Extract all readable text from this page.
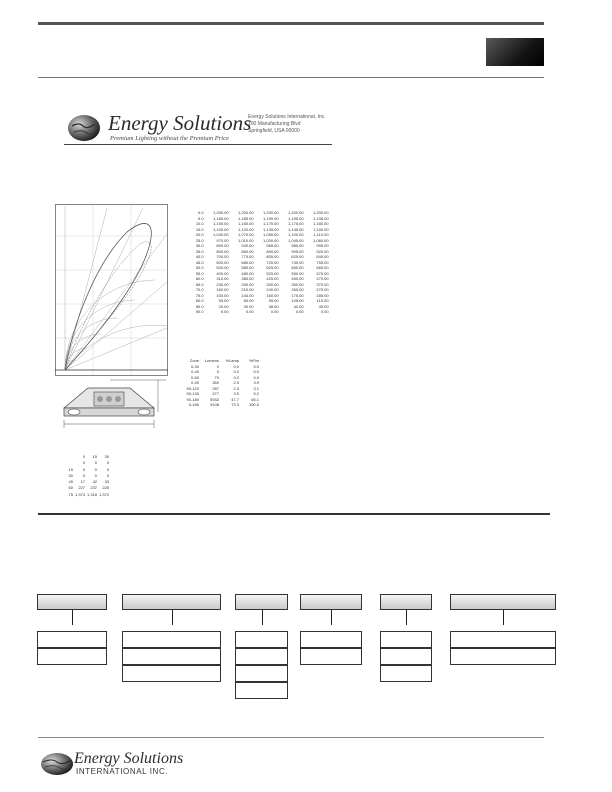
Energy Solutions
Premium Lighting without the Premium Price
Energy Solutions International, Inc.
100 Manufacturing Blvd
Springfield, USA 00000
0.0	1,200.00	1,200.00	1,200.00	1,200.00	1,200.00
5.0	1,180.00	1,185.00	1,190.00	1,195.00	1,198.00
10.0	1,150.00	1,160.00	1,170.00	1,175.00	1,180.00
15.0	1,100.00	1,120.00	1,135.00	1,145.00	1,150.00
20.0	1,040.00	1,070.00	1,090.00	1,100.00	1,110.00
25.0	970.00	1,010.00	1,030.00	1,045.00	1,060.00
30.0	890.00	940.00	965.00	980.00	995.00
35.0	800.00	860.00	890.00	905.00	920.00
40.0	700.00	770.00	805.00	825.00	840.00
45.0	600.00	680.00	720.00	740.00	755.00
50.0	500.00	580.00	625.00	650.00	665.00
55.0	400.00	480.00	525.00	550.00	570.00
60.0	310.00	380.00	425.00	450.00	470.00
65.0	230.00	290.00	330.00	350.00	370.00
70.0	160.00	210.00	240.00	260.00	275.00
75.0	100.00	140.00	160.00	175.00	185.00
80.0	55.00	80.00	95.00	105.00	110.00
85.0	20.00	30.00	38.00	42.00	45.00
90.0	0.00	0.00	0.00	0.00	0.00
Zone	Lumens	%Lamp	%Fixt
0-30	0	0.0	0.0
0-40	0	0.0	0.0
0-60	70	0.0	0.0
0-90	350	2.9	3.9
90-120	287	2.3	3.1
90-130	477	3.9	5.2
90-180	5932	47.7	65.1
0-180	9108	73.3	100.0
	0	15	30
	0	0	0
15	0	0	0
30	0	0	0
45	17	42	33
60	227	237	225
75	1,374	1,318	1,372
Energy Solutions
INTERNATIONAL INC.
